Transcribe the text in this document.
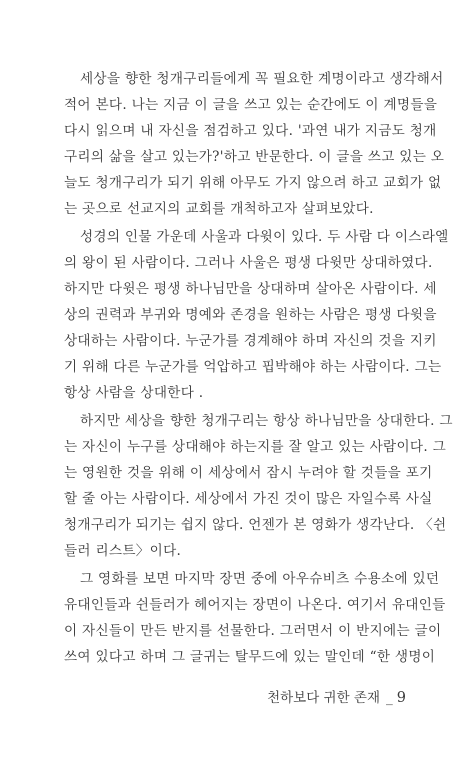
세상을 향한 청개구리들에게 꼭 필요한 계명이라고 생각해서
적어 본다. 나는 지금 이 글을 쓰고 있는 순간에도 이 계명들을
다시 읽으며 내 자신을 점검하고 있다. '과연 내가 지금도 청개
구리의 삶을 살고 있는가?'하고 반문한다. 이 글을 쓰고 있는 오
늘도 청개구리가 되기 위해 아무도 가지 않으려 하고 교회가 없
는 곳으로 선교지의 교회를 개척하고자 살펴보았다.
성경의 인물 가운데 사울과 다윗이 있다. 두 사람 다 이스라엘
의 왕이 된 사람이다. 그러나 사울은 평생 다윗만 상대하였다.
하지만 다윗은 평생 하나님만을 상대하며 살아온 사람이다. 세
상의 권력과 부귀와 명예와 존경을 원하는 사람은 평생 다윗을
상대하는 사람이다. 누군가를 경계해야 하며 자신의 것을 지키
기 위해 다른 누군가를 억압하고 핍박해야 하는 사람이다. 그는
항상 사람을 상대한다 .
하지만 세상을 향한 청개구리는 항상 하나님만을 상대한다. 그
는 자신이 누구를 상대해야 하는지를 잘 알고 있는 사람이다. 그
는 영원한 것을 위해 이 세상에서 잠시 누려야 할 것들을 포기
할 줄 아는 사람이다. 세상에서 가진 것이 많은 자일수록 사실
청개구리가 되기는 쉽지 않다. 언젠가 본 영화가 생각난다. 〈쉰
들러 리스트〉이다.
그 영화를 보면 마지막 장면 중에 아우슈비츠 수용소에 있던
유대인들과 쉰들러가 헤어지는 장면이 나온다. 여기서 유대인들
이 자신들이 만든 반지를 선물한다. 그러면서 이 반지에는 글이
쓰여 있다고 하며 그 글귀는 탈무드에 있는 말인데 “한 생명이
천하보다 귀한 존재 _ 9
